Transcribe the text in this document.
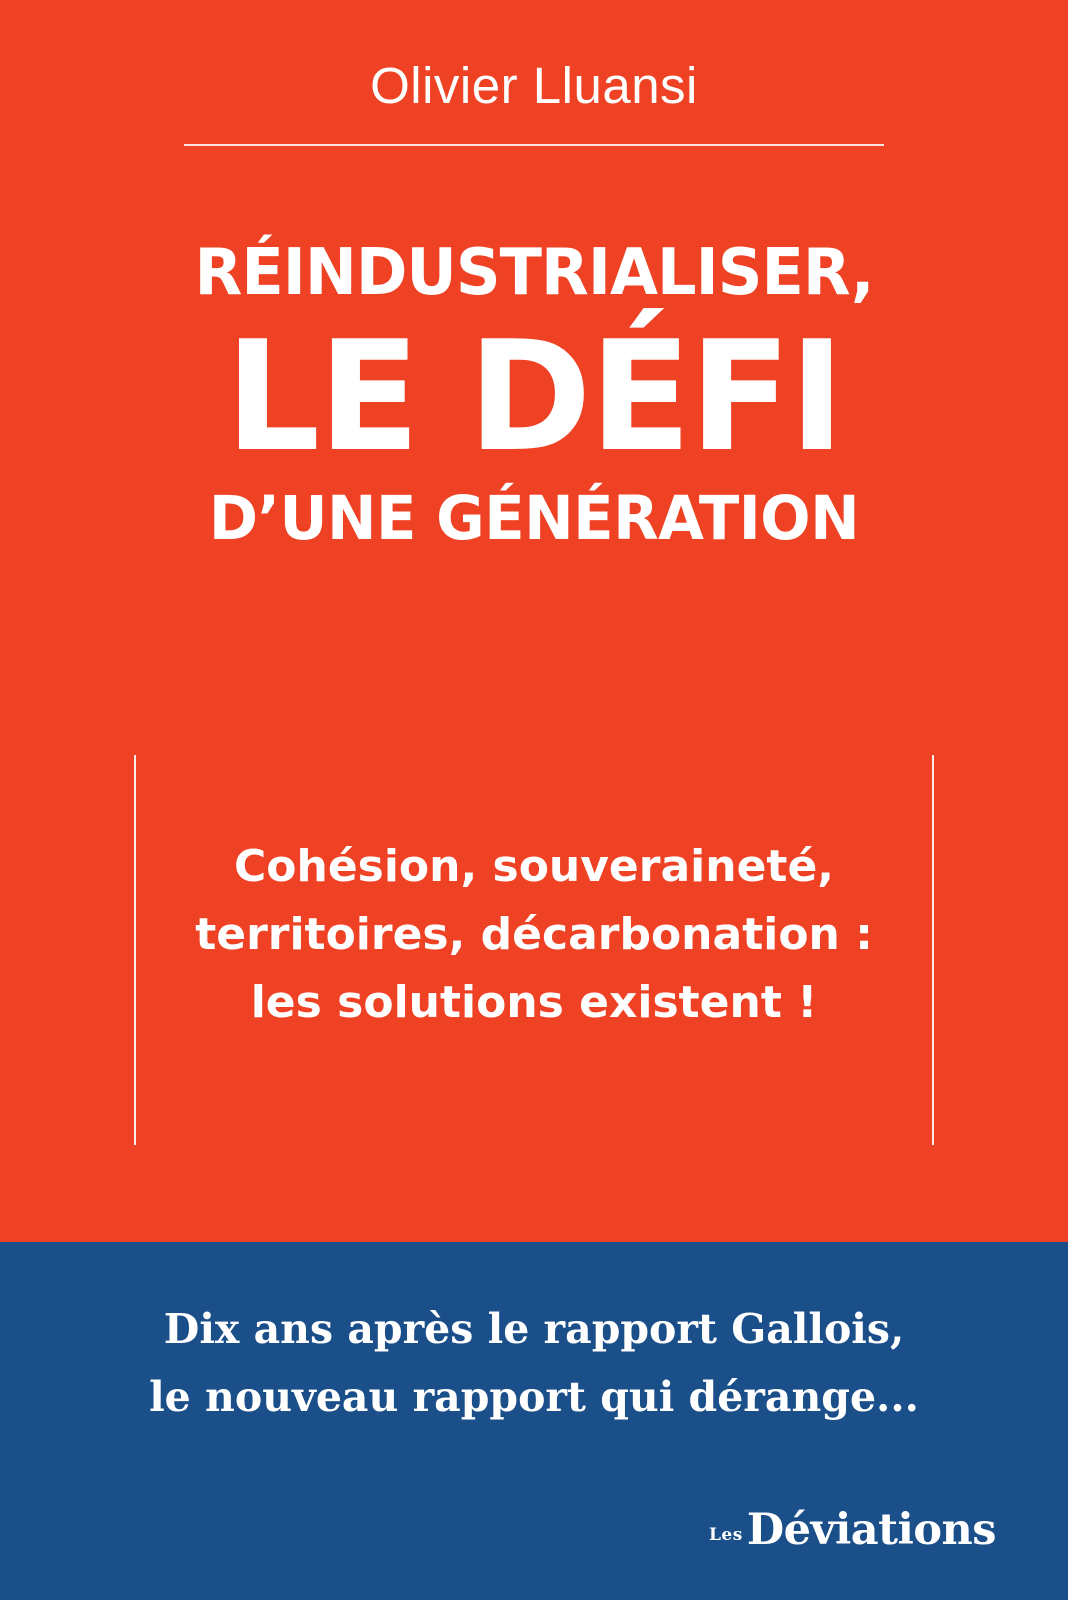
Olivier Lluansi
RÉINDUSTRIALISER,
LE DÉFI
D’UNE GÉNÉRATION
Cohésion, souveraineté,
territoires, décarbonation :
les solutions existent !
Dix ans après le rapport Gallois,
le nouveau rapport qui dérange...
Les Déviations
